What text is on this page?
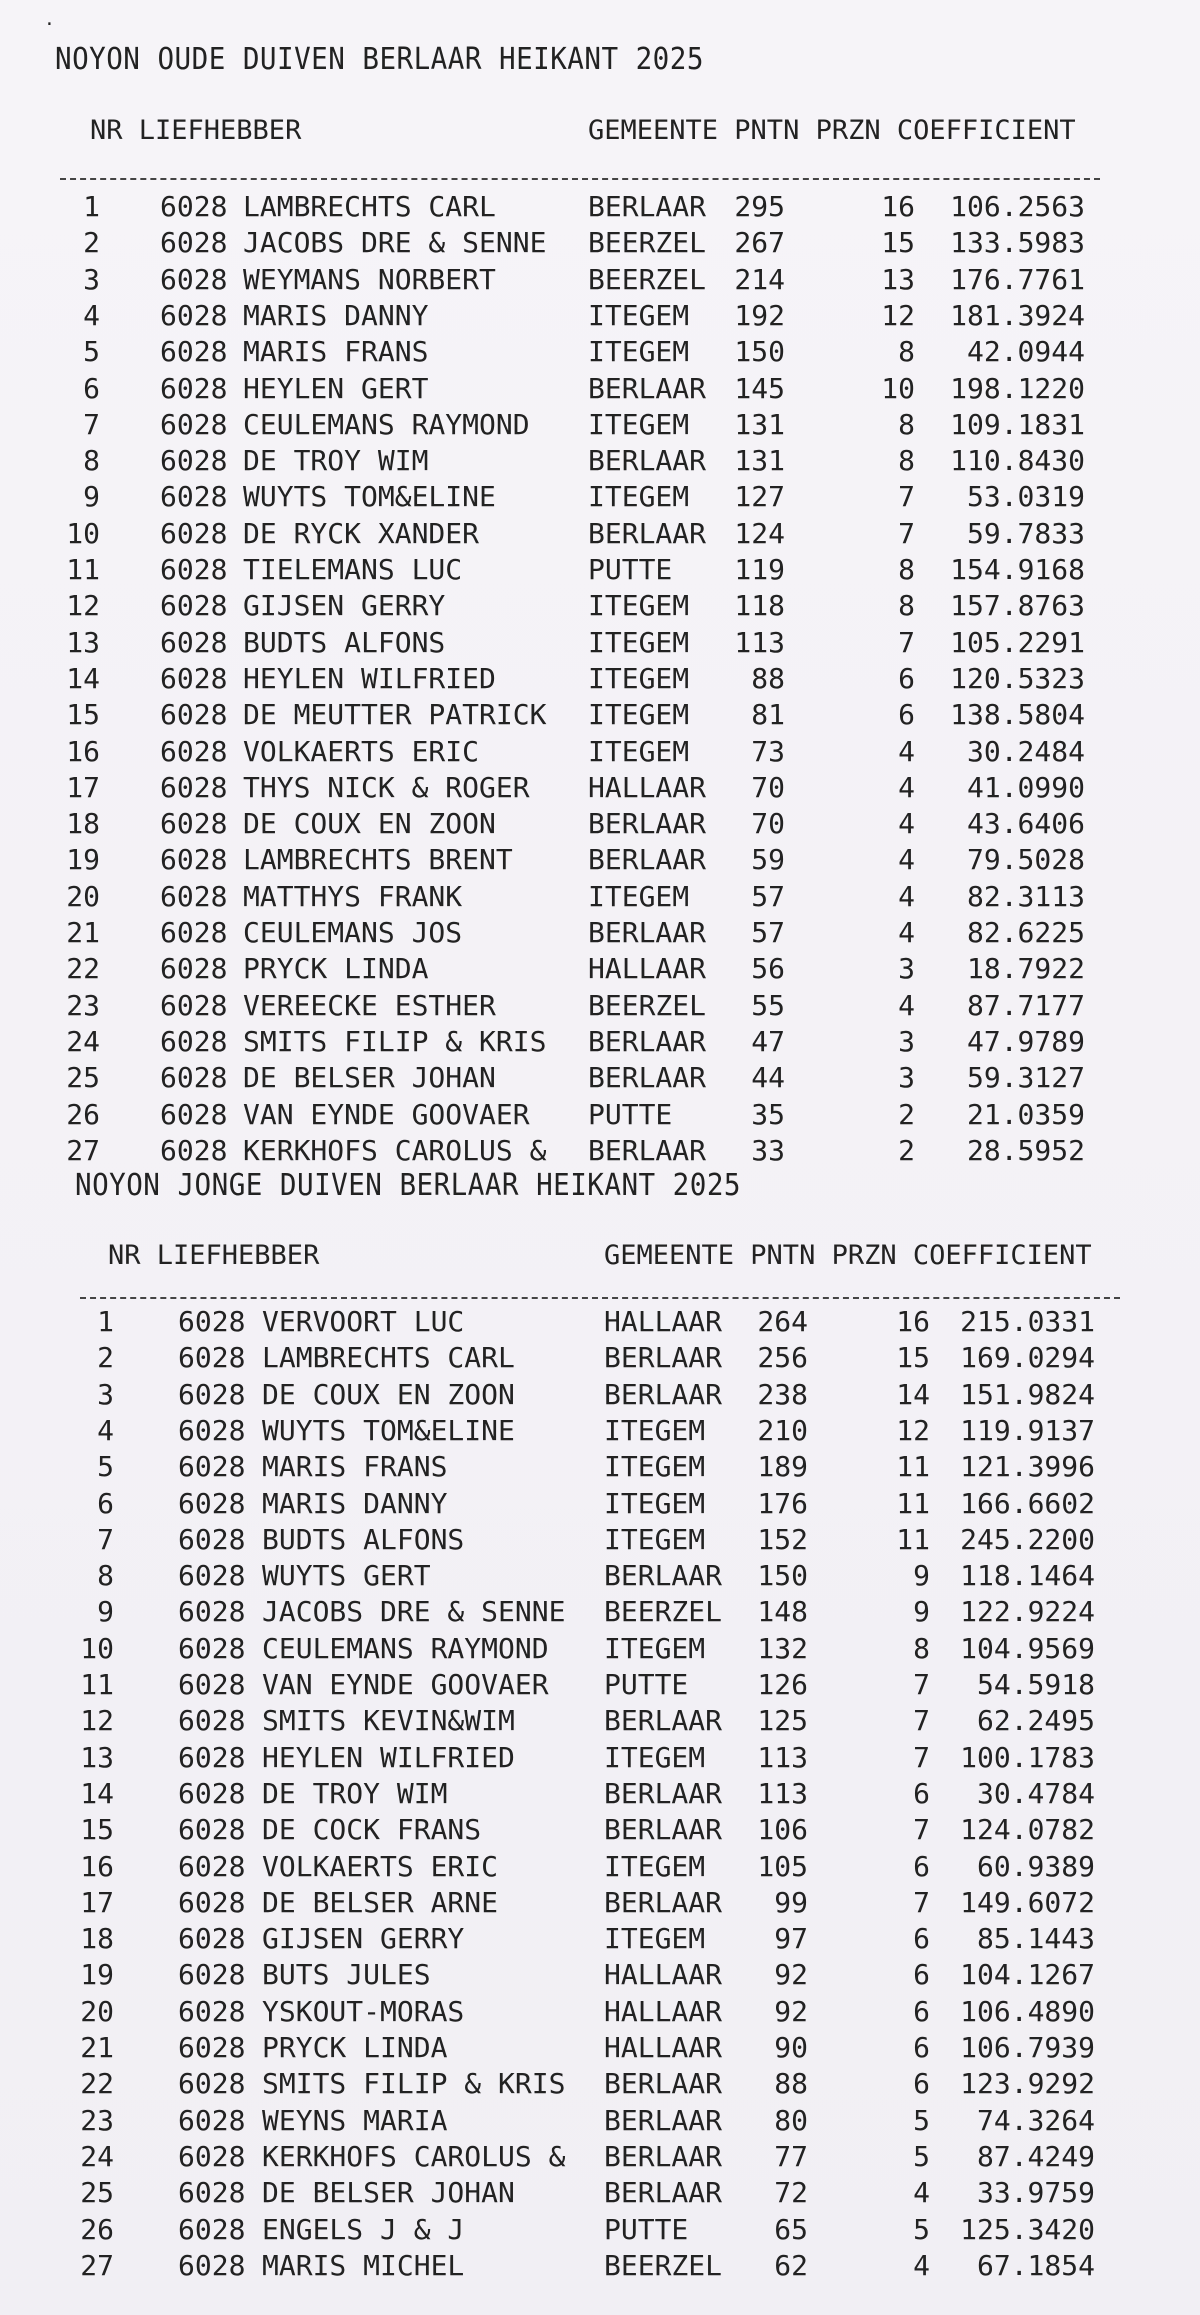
·
NOYON OUDE DUIVEN BERLAAR HEIKANT 2025
NR LIEFHEBBER	GEMEENTE PNTN PRZN COEFFICIENT
1 6028 LAMBRECHTS CARL	BERLAAR	295	16	106.2563
2 6028 JACOBS DRE & SENNE BEERZEL	267	15	133.5983
3 6028 WEYMANS NORBERT	BEERZEL	214	13	176.7761
4 6028 MARIS DANNY	ITEGEM	192	12	181.3924
5 6028 MARIS FRANS	ITEGEM	150	8	42.0944
6 6028 HEYLEN GERT	BERLAAR	145	10	198.1220
7 6028 CEULEMANS RAYMOND ITEGEM	131	8	109.1831
8 6028 DE TROY WIM	BERLAAR	131	8	110.8430
9 6028 WUYTS TOM&ELINE	ITEGEM	127	7	53.0319
10 6028 DE RYCK XANDER	BERLAAR	124	7	59.7833
11 6028 TIELEMANS LUC	PUTTE	119	8	154.9168
12 6028 GIJSEN GERRY	ITEGEM	118	8	157.8763
13 6028 BUDTS ALFONS	ITEGEM	113	7	105.2291
14 6028 HEYLEN WILFRIED	ITEGEM	88	6	120.5323
15 6028 DE MEUTTER PATRICK ITEGEM	81	6	138.5804
16 6028 VOLKAERTS ERIC	ITEGEM	73	4	30.2484
17 6028 THYS NICK & ROGER HALLAAR	70	4	41.0990
18 6028 DE COUX EN ZOON	BERLAAR	70	4	43.6406
19 6028 LAMBRECHTS BRENT	BERLAAR	59	4	79.5028
20 6028 MATTHYS FRANK	ITEGEM	57	4	82.3113
21 6028 CEULEMANS JOS	BERLAAR	57	4	82.6225
22 6028 PRYCK LINDA	HALLAAR	56	3	18.7922
23 6028 VEREECKE ESTHER	BEERZEL	55	4	87.7177
24 6028 SMITS FILIP & KRIS BERLAAR	47	3	47.9789
25 6028 DE BELSER JOHAN	BERLAAR	44	3	59.3127
26 6028 VAN EYNDE GOOVAER PUTTE	35	2	21.0359
27 6028 KERKHOFS CAROLUS & BERLAAR	33	2	28.5952
NOYON JONGE DUIVEN BERLAAR HEIKANT 2025
NR LIEFHEBBER	GEMEENTE PNTN PRZN COEFFICIENT
1 6028 VERVOORT LUC	HALLAAR	264	16	215.0331
2 6028 LAMBRECHTS CARL	BERLAAR	256	15	169.0294
3 6028 DE COUX EN ZOON	BERLAAR	238	14	151.9824
4 6028 WUYTS TOM&ELINE	ITEGEM	210	12	119.9137
5 6028 MARIS FRANS	ITEGEM	189	11	121.3996
6 6028 MARIS DANNY	ITEGEM	176	11	166.6602
7 6028 BUDTS ALFONS	ITEGEM	152	11	245.2200
8 6028 WUYTS GERT	BERLAAR	150	9	118.1464
9 6028 JACOBS DRE & SENNE BEERZEL	148	9	122.9224
10 6028 CEULEMANS RAYMOND ITEGEM	132	8	104.9569
11 6028 VAN EYNDE GOOVAER PUTTE	126	7	54.5918
12 6028 SMITS KEVIN&WIM	BERLAAR	125	7	62.2495
13 6028 HEYLEN WILFRIED	ITEGEM	113	7	100.1783
14 6028 DE TROY WIM	BERLAAR	113	6	30.4784
15 6028 DE COCK FRANS	BERLAAR	106	7	124.0782
16 6028 VOLKAERTS ERIC	ITEGEM	105	6	60.9389
17 6028 DE BELSER ARNE	BERLAAR	99	7	149.6072
18 6028 GIJSEN GERRY	ITEGEM	97	6	85.1443
19 6028 BUTS JULES	HALLAAR	92	6	104.1267
20 6028 YSKOUT-MORAS	HALLAAR	92	6	106.4890
21 6028 PRYCK LINDA	HALLAAR	90	6	106.7939
22 6028 SMITS FILIP & KRIS BERLAAR	88	6	123.9292
23 6028 WEYNS MARIA	BERLAAR	80	5	74.3264
24 6028 KERKHOFS CAROLUS & BERLAAR	77	5	87.4249
25 6028 DE BELSER JOHAN	BERLAAR	72	4	33.9759
26 6028 ENGELS J & J	PUTTE	65	5	125.3420
27 6028 MARIS MICHEL	BEERZEL	62	4	67.1854
